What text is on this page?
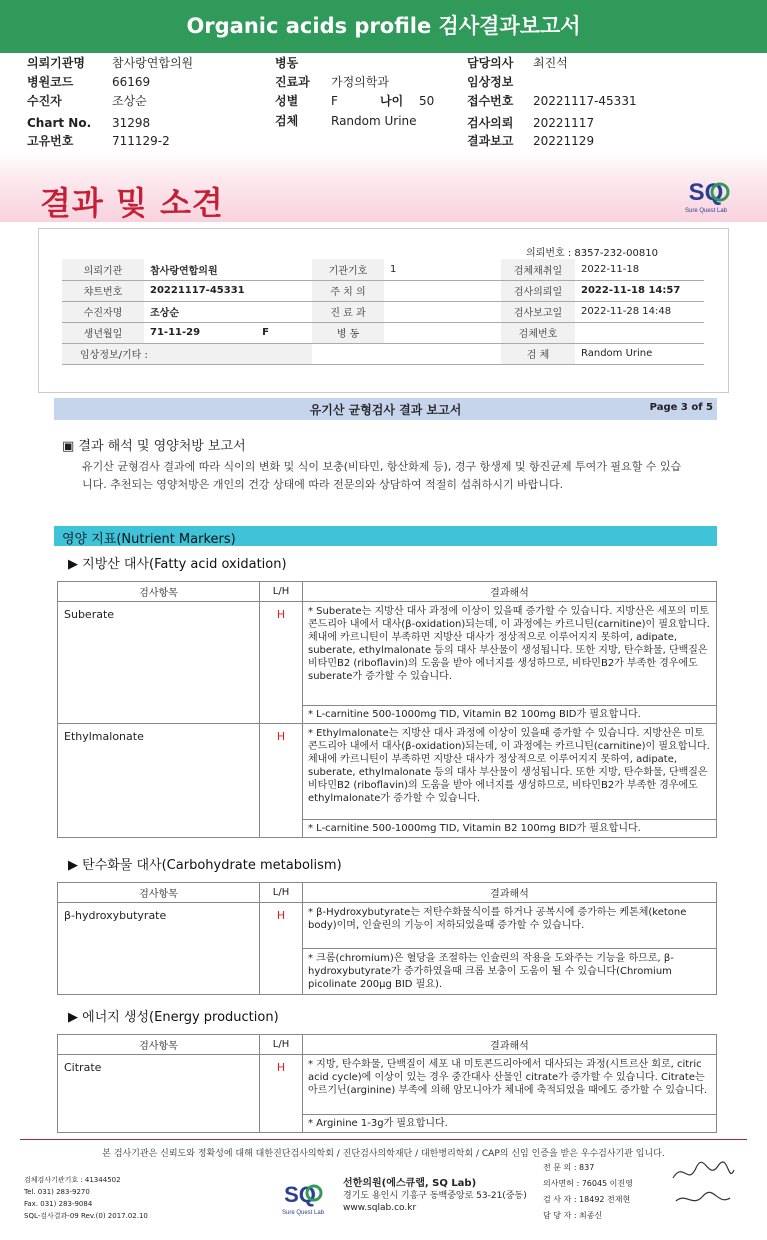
Organic acids profile 검사결과보고서
의뢰기관명 참사랑연합의원
병원코드	66169
수진자	조상순
Chart No. 31298
고유번호	711129-2
병동
진료과 가정의학과
성별	F	나이 50
검체	Random Urine
담당의사 최진석
임상정보
접수번호 20221117-45331
검사의뢰 20221117
결과보고 20221129
결과 및 소견	SQ
Sure Quest Lab
의뢰번호 : 8357-232-00810
의뢰기관	참사랑연합의원	기관기호	1	검체채취일	2022-11-18
챠트번호	20221117-45331	주 치 의		검사의뢰일	2022-11-18 14:57
수진자명	조상순	진 료 과		검사보고일	2022-11-28 14:48
생년월일	71-11-29 F	병 동		검체번호	
임상정보/기타 :				검 체	Random Urine
유기산 균형검사 결과 보고서	Page 3 of 5
▣ 결과 해석 및 영양처방 보고서
유기산 균형검사 결과에 따라 식이의 변화 및 식이 보충(비타민, 항산화제 등), 경구 항생제 및 항진균제 투여가 필요할 수 있습니다. 추천되는 영양처방은 개인의 건강 상태에 따라 전문의와 상담하여 적절히 섭취하시기 바랍니다.
영양 지표(Nutrient Markers)
▶ 지방산 대사(Fatty acid oxidation)
검사항목	L/H	결과해석
Suberate	H	* Suberate는 지방산 대사 과정에 이상이 있을때 증가할 수 있습니다. 지방산은 세포의 미토콘드리아 내에서 대사(β-oxidation)되는데, 이 과정에는 카르니틴(carnitine)이 필요합니다. 체내에 카르니틴이 부족하면 지방산 대사가 정상적으로 이루어지지 못하여, adipate, suberate, ethylmalonate 등의 대사 부산물이 생성됩니다. 또한 지방, 탄수화물, 단백질은 비타민B2 (riboflavin)의 도움을 받아 에너지를 생성하므로, 비타민B2가 부족한 경우에도 suberate가 증가할 수 있습니다.
		* L-carnitine 500-1000mg TID, Vitamin B2 100mg BID가 필요합니다.
Ethylmalonate	H	* Ethylmalonate는 지방산 대사 과정에 이상이 있을때 증가할 수 있습니다. 지방산은 미토콘드리아 내에서 대사(β-oxidation)되는데, 이 과정에는 카르니틴(carnitine)이 필요합니다. 체내에 카르니틴이 부족하면 지방산 대사가 정상적으로 이루어지지 못하여, adipate, suberate, ethylmalonate 등의 대사 부산물이 생성됩니다. 또한 지방, 탄수화물, 단백질은 비타민B2 (riboflavin)의 도움을 받아 에너지를 생성하므로, 비타민B2가 부족한 경우에도 ethylmalonate가 증가할 수 있습니다.
		* L-carnitine 500-1000mg TID, Vitamin B2 100mg BID가 필요합니다.
▶ 탄수화물 대사(Carbohydrate metabolism)
검사항목	L/H	결과해석
β-hydroxybutyrate	H	* β-Hydroxybutyrate는 저탄수화물식이를 하거나 공복시에 증가하는 케톤체(ketone body)이며, 인슐린의 기능이 저하되었을때 증가할 수 있습니다.
		* 크롬(chromium)은 혈당을 조절하는 인슐린의 작용을 도와주는 기능을 하므로, β-hydroxybutyrate가 증가하였을때 크롬 보충이 도움이 될 수 있습니다(Chromium picolinate 200μg BID 필요).
▶ 에너지 생성(Energy production)
검사항목	L/H	결과해석
Citrate	H	* 지방, 탄수화물, 단백질이 세포 내 미토콘드리아에서 대사되는 과정(시트르산 회로, citric acid cycle)에 이상이 있는 경우 중간대사 산물인 citrate가 증가할 수 있습니다. Citrate는 아르기닌(arginine) 부족에 의해 암모니아가 체내에 축적되었을 때에도 증가할 수 있습니다.
		* Arginine 1-3g가 필요합니다.
본 검사기관은 신뢰도와 정확성에 대해 대한진단검사의학회 / 진단검사의학재단 / 대한병리학회 / CAP의 신임 인증을 받은 우수검사기관 입니다.
검체검사기관기호 : 41344502
Tel. 031) 283-9270
Fax. 031) 283-9084
SQL-검사결과-09 Rev.(0) 2017.02.10
SQ
Sure Quest Lab
선한의원(에스큐랩, SQ Lab)
경기도 용인시 기흥구 동백중앙로 53-21(중동)
www.sqlab.co.kr
전 문 의 : 837
의사면허 : 76045 이진영
검 사 자 : 18492 전재현
담 당 자 : 최종신
